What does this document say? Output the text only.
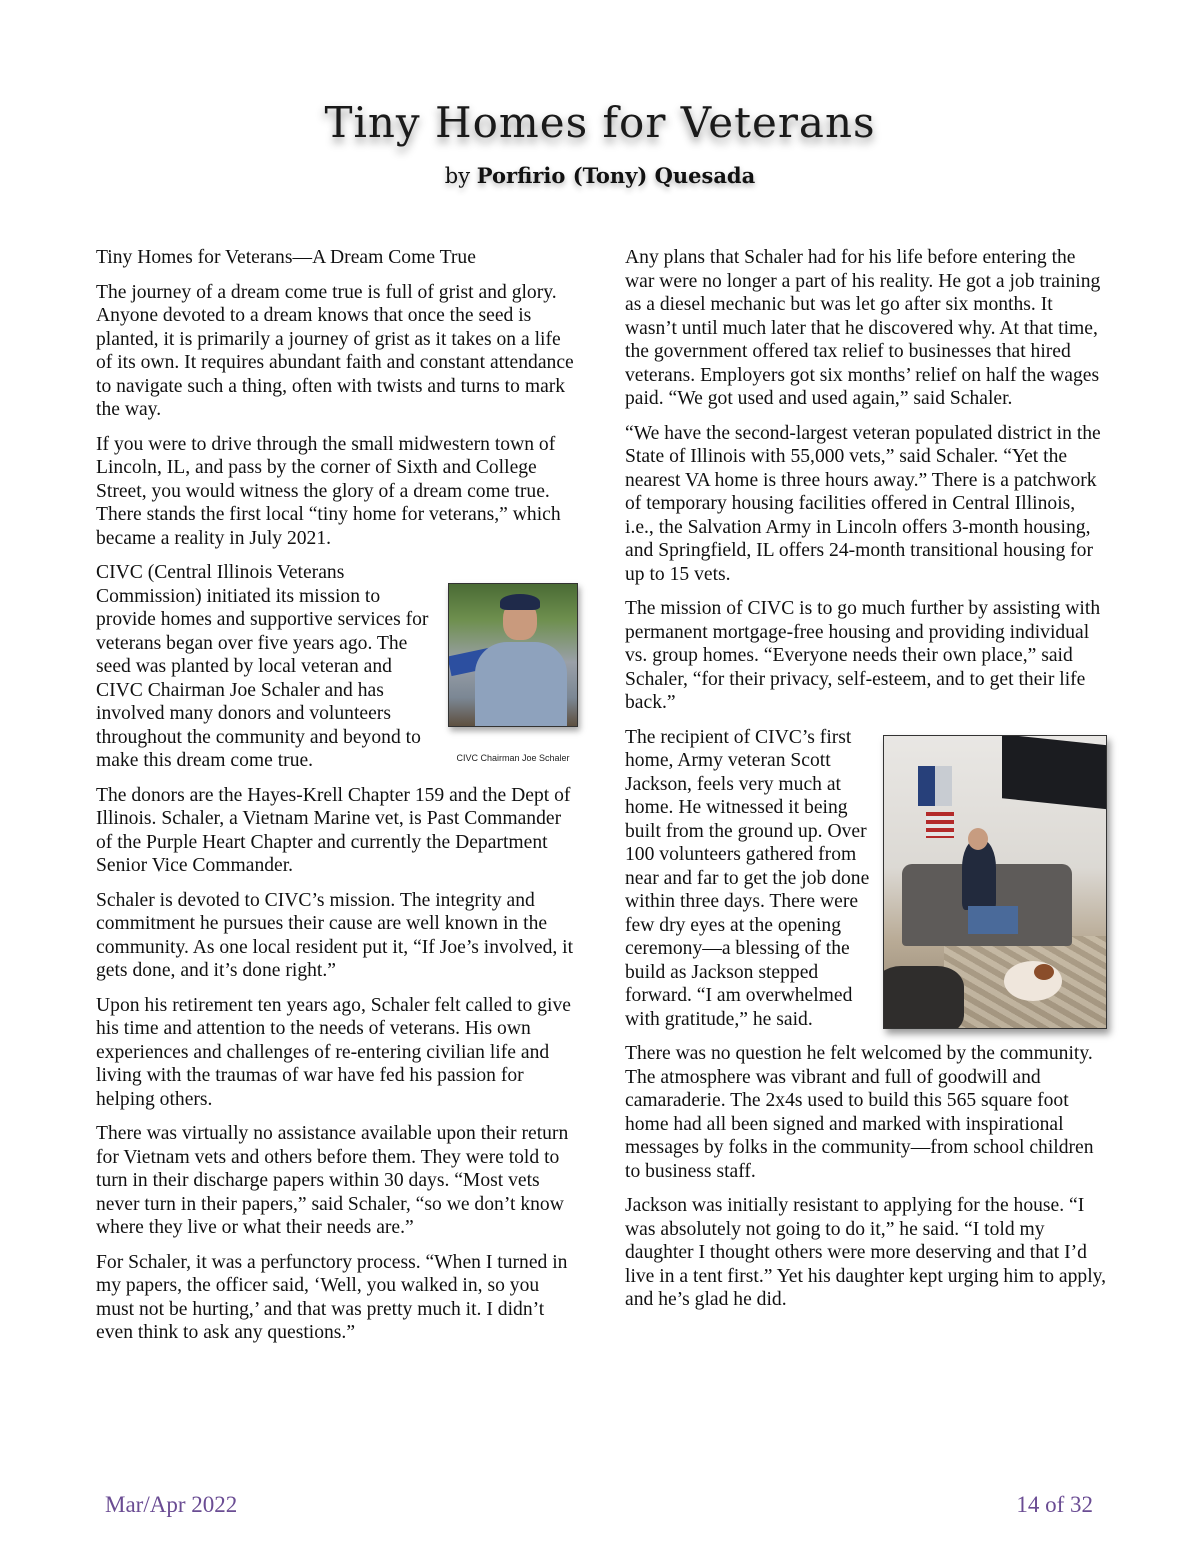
Tiny Homes for Veterans
by Porfirio (Tony) Quesada
Tiny Homes for Veterans—A Dream Come True

The journey of a dream come true is full of grist and glory. Anyone devoted to a dream knows that once the seed is planted, it is primarily a journey of grist as it takes on a life of its own. It requires abundant faith and constant attendance to navigate such a thing, often with twists and turns to mark the way.

If you were to drive through the small midwestern town of Lincoln, IL, and pass by the corner of Sixth and College Street, you would witness the glory of a dream come true. There stands the first local “tiny home for veterans,” which became a reality in July 2021.

CIVC Chairman Joe Schaler

CIVC (Central Illinois Veterans Commission) initiated its mission to provide homes and supportive services for veterans began over five years ago. The seed was planted by local veteran and CIVC Chairman Joe Schaler and has involved many donors and volunteers throughout the community and beyond to make this dream come true.

The donors are the Hayes-Krell Chapter 159 and the Dept of Illinois. Schaler, a Vietnam Marine vet, is Past Commander of the Purple Heart Chapter and currently the Department Senior Vice Commander.

Schaler is devoted to CIVC’s mission. The integrity and commitment he pursues their cause are well known in the community. As one local resident put it, “If Joe’s involved, it gets done, and it’s done right.”

Upon his retirement ten years ago, Schaler felt called to give his time and attention to the needs of veterans. His own experiences and challenges of re-entering civilian life and living with the traumas of war have fed his passion for helping others.

There was virtually no assistance available upon their return for Vietnam vets and others before them. They were told to turn in their discharge papers within 30 days. “Most vets never turn in their papers,” said Schaler, “so we don’t know where they live or what their needs are.”

For Schaler, it was a perfunctory process. “When I turned in my papers, the officer said, ‘Well, you walked in, so you must not be hurting,’ and that was pretty much it. I didn’t even think to ask any questions.”

Any plans that Schaler had for his life before entering the war were no longer a part of his reality. He got a job training as a diesel mechanic but was let go after six months. It wasn’t until much later that he discovered why. At that time, the government offered tax relief to businesses that hired veterans. Employers got six months’ relief on half the wages paid. “We got used and used again,” said Schaler.

“We have the second-largest veteran populated district in the State of Illinois with 55,000 vets,” said Schaler. “Yet the nearest VA home is three hours away.” There is a patchwork of temporary housing facilities offered in Central Illinois, i.e., the Salvation Army in Lincoln offers 3-month housing, and Springfield, IL offers 24-month transitional housing for up to 15 vets.

The mission of CIVC is to go much further by assisting with permanent mortgage-free housing and providing individual vs. group homes. “Everyone needs their own place,” said Schaler, “for their privacy, self-esteem, and to get their life back.”

The recipient of CIVC’s first home, Army veteran Scott Jackson, feels very much at home. He witnessed it being built from the ground up. Over 100 volunteers gathered from near and far to get the job done within three days. There were few dry eyes at the opening ceremony—a blessing of the build as Jackson stepped forward. “I am overwhelmed with gratitude,” he said.

There was no question he felt welcomed by the community. The atmosphere was vibrant and full of goodwill and camaraderie. The 2x4s used to build this 565 square foot home had all been signed and marked with inspirational messages by folks in the community—from school children to business staff.

Jackson was initially resistant to applying for the house. “I was absolutely not going to do it,” he said. “I told my daughter I thought others were more deserving and that I’d live in a tent first.” Yet his daughter kept urging him to apply, and he’s glad he did.

Mar/Apr 2022	14 of 32
